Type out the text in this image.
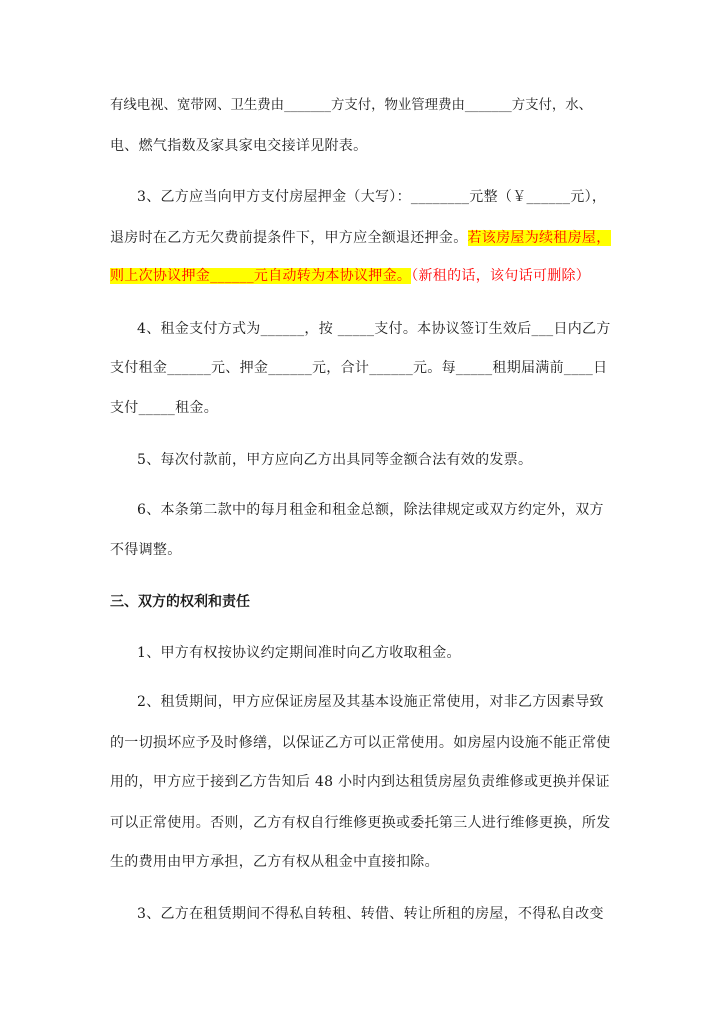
有线电视、宽带网、卫生费由_______方支付，物业管理费由_______方支付，水、
电、燃气指数及家具家电交接详见附表。
3、乙方应当向甲方支付房屋押金（大写）：________元整（￥______元），
退房时在乙方无欠费前提条件下，甲方应全额退还押金。若该房屋为续租房屋，
则上次协议押金______元自动转为本协议押金。（新租的话，该句话可删除）
4、租金支付方式为______，按 _____支付。本协议签订生效后___日内乙方
支付租金______元、押金______元，合计______元。每_____租期届满前____日
支付_____租金。
5、每次付款前，甲方应向乙方出具同等金额合法有效的发票。
6、本条第二款中的每月租金和租金总额，除法律规定或双方约定外，双方
不得调整。
三、双方的权利和责任
1、甲方有权按协议约定期间准时向乙方收取租金。
2、租赁期间，甲方应保证房屋及其基本设施正常使用，对非乙方因素导致
的一切损坏应予及时修缮，以保证乙方可以正常使用。如房屋内设施不能正常使
用的，甲方应于接到乙方告知后 48 小时内到达租赁房屋负责维修或更换并保证
可以正常使用。否则，乙方有权自行维修更换或委托第三人进行维修更换，所发
生的费用由甲方承担，乙方有权从租金中直接扣除。
3、乙方在租赁期间不得私自转租、转借、转让所租的房屋，不得私自改变
